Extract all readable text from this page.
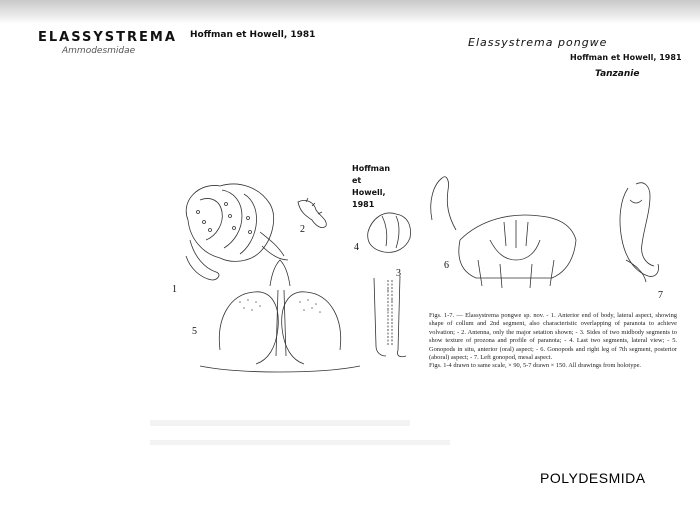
ELASSYSTREMA
Ammodesmidae
Hoffman et Howell, 1981
Elassystrema pongwe
Hoffman et Howell, 1981
Tanzanie
Hoffman et Howell, 1981
1
2
3
4
5
6
7

Figs. 1-7. — Elassystrema pongwe sp. nov. - 1. Anterior end of body, lateral aspect, showing shape of collum and 2nd segment, also characteristic overlapping of paranota to achieve volvation; - 2. Antenna, only the major setation shown; - 3. Sides of two midbody segments to show texture of prozona and profile of paranota; - 4. Last two segments, lateral view; - 5. Gonopods in situ, anterior (oral) aspect; - 6. Gonopods and right leg of 7th segment, posterior (aboral) aspect; - 7. Left gonopod, mesal aspect.

Figs. 1-4 drawn to same scale, × 90, 5-7 drawn × 150. All drawings from holotype.

POLYDESMIDA
